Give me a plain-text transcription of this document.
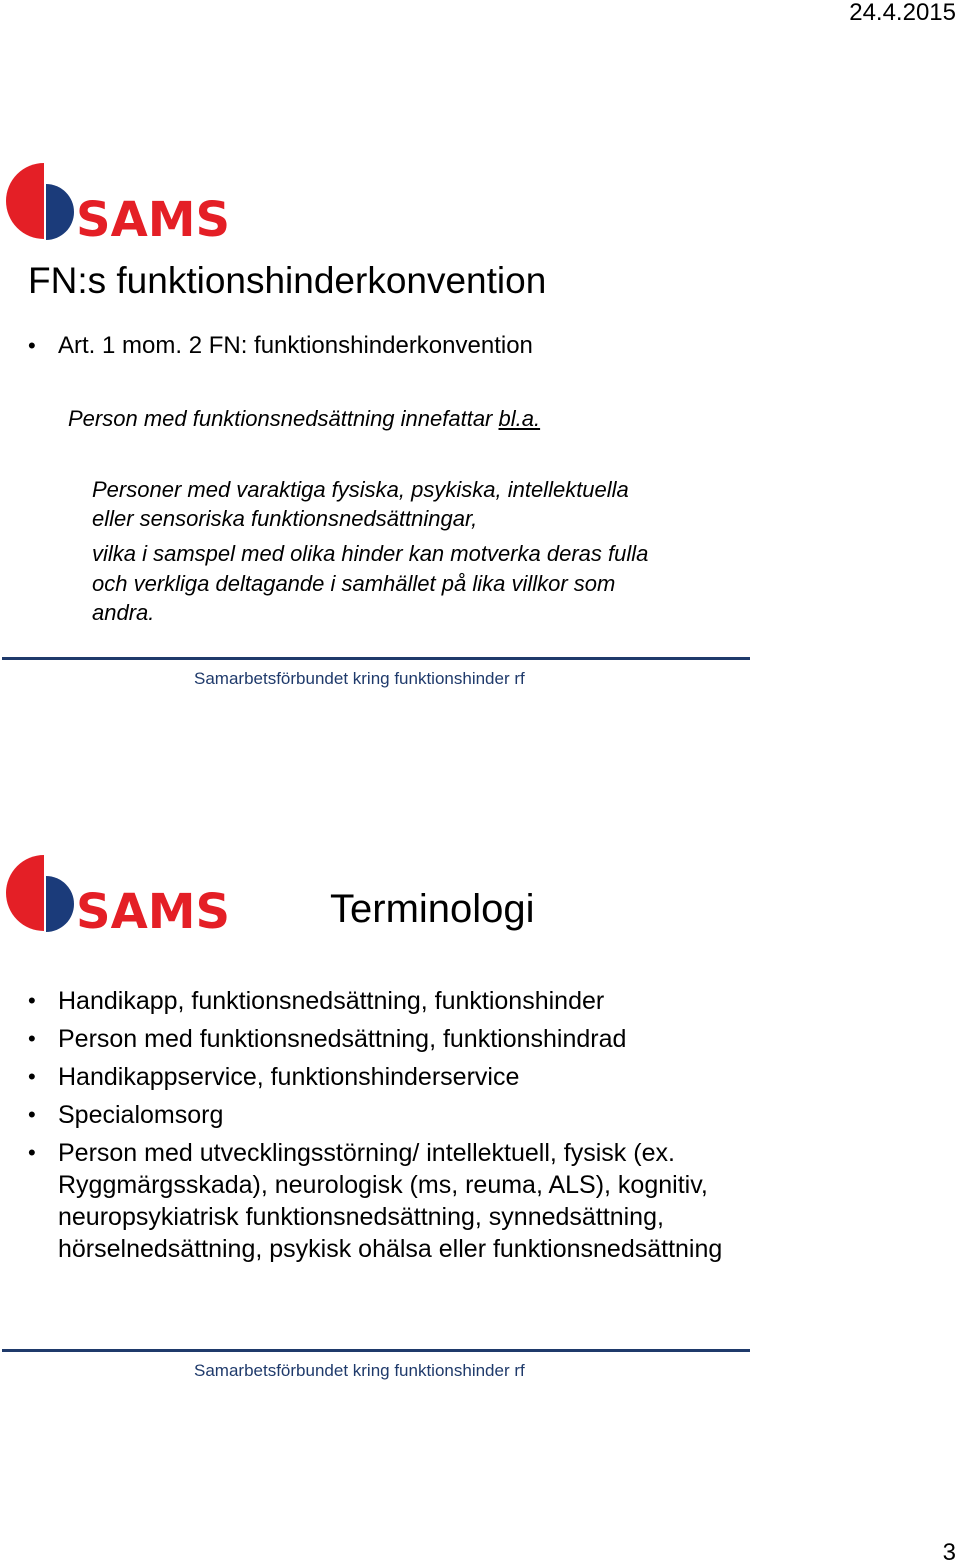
24.4.2015
SAMS
FN:s funktionshinderkonvention
• Art. 1 mom. 2 FN: funktionshinderkonvention
Person med funktionsnedsättning innefattar bl.a.
Personer med varaktiga fysiska, psykiska, intellektuella
eller sensoriska funktionsnedsättningar,
vilka i samspel med olika hinder kan motverka deras fulla
och verkliga deltagande i samhället på lika villkor som
andra.
Samarbetsförbundet kring funktionshinder rf
SAMS Terminologi
• Handikapp, funktionsnedsättning, funktionshinder
• Person med funktionsnedsättning, funktionshindrad
• Handikappservice, funktionshinderservice
• Specialomsorg
• Person med utvecklingsstörning/ intellektuell, fysisk (ex. Ryggmärgsskada), neurologisk (ms, reuma, ALS), kognitiv, neuropsykiatrisk funktionsnedsättning, synnedsättning, hörselnedsättning, psykisk ohälsa eller funktionsnedsättning
Samarbetsförbundet kring funktionshinder rf
3
